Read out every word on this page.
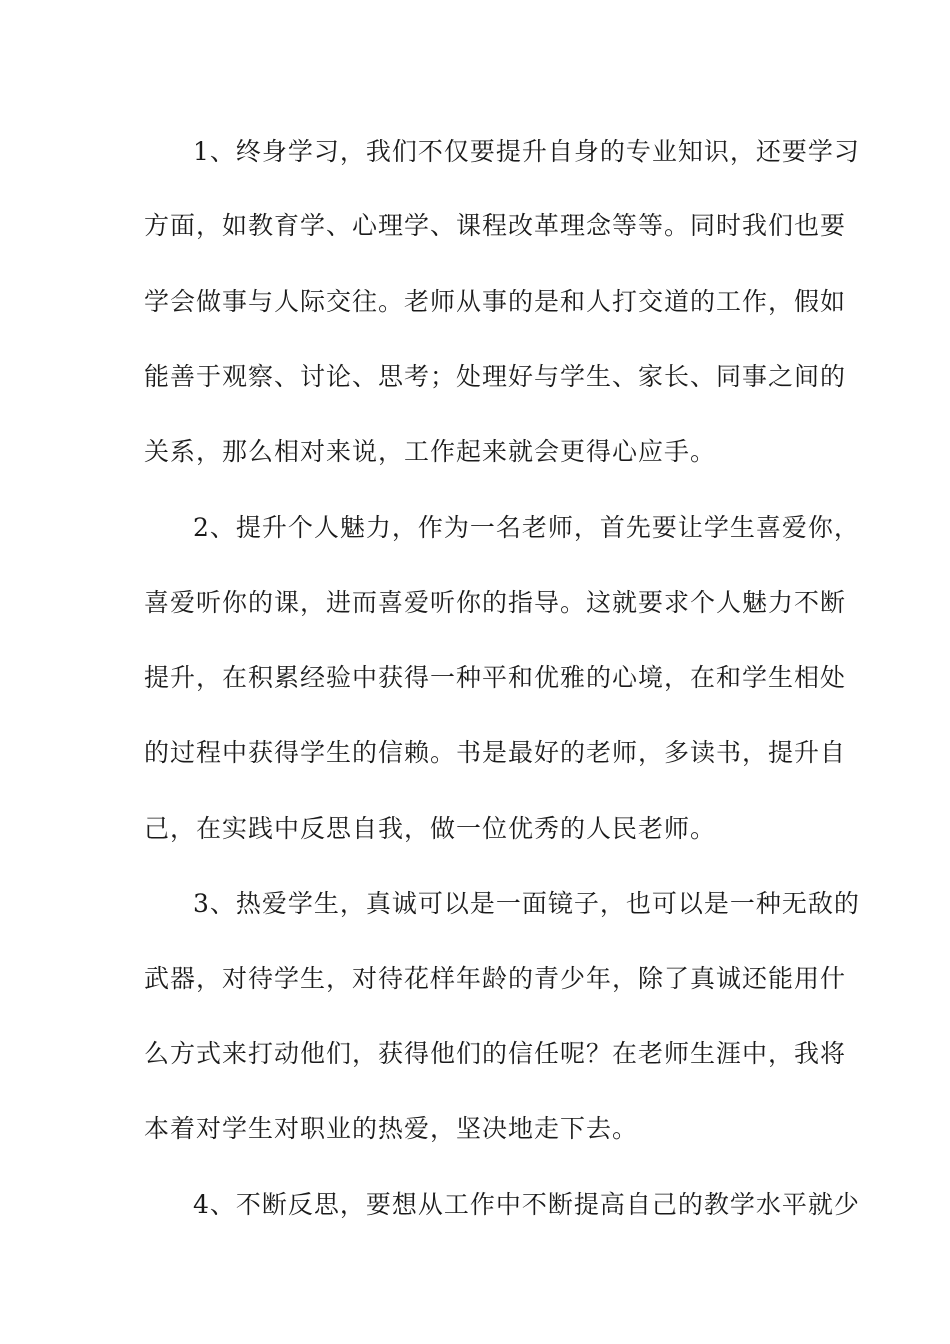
1、终身学习，我们不仅要提升自身的专业知识，还要学习
方面，如教育学、心理学、课程改革理念等等。同时我们也要
学会做事与人际交往。老师从事的是和人打交道的工作，假如
能善于观察、讨论、思考；处理好与学生、家长、同事之间的
关系，那么相对来说，工作起来就会更得心应手。
2、提升个人魅力，作为一名老师，首先要让学生喜爱你，
喜爱听你的课，进而喜爱听你的指导。这就要求个人魅力不断
提升，在积累经验中获得一种平和优雅的心境，在和学生相处
的过程中获得学生的信赖。书是最好的老师，多读书，提升自
己，在实践中反思自我，做一位优秀的人民老师。
3、热爱学生，真诚可以是一面镜子，也可以是一种无敌的
武器，对待学生，对待花样年龄的青少年，除了真诚还能用什
么方式来打动他们，获得他们的信任呢？在老师生涯中，我将
本着对学生对职业的热爱，坚决地走下去。
4、不断反思，要想从工作中不断提高自己的教学水平就少
